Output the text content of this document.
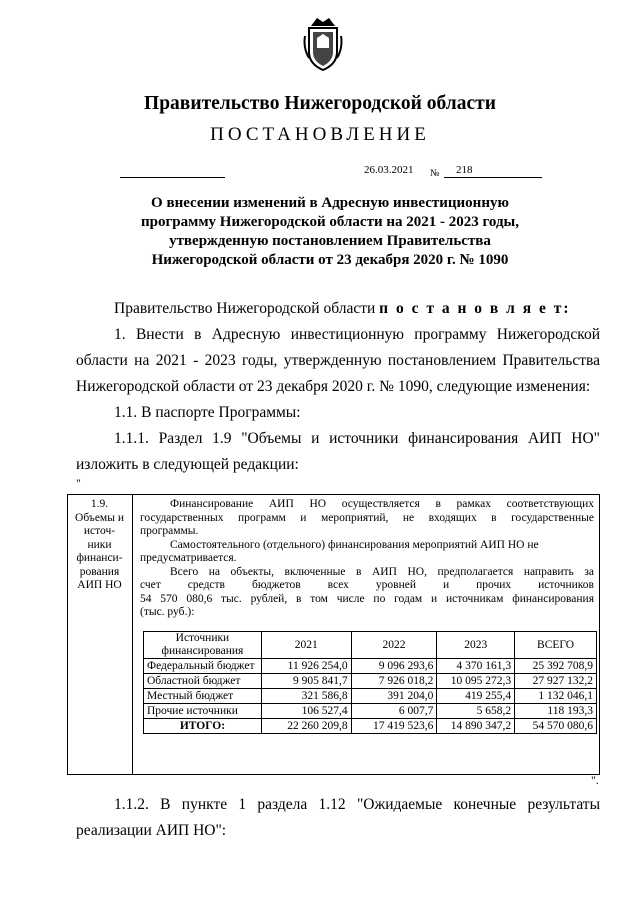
Правительство Нижегородской области
ПОСТАНОВЛЕНИЕ
26.03.2021 №	218
О внесении изменений в Адресную инвестиционную
программу Нижегородской области на 2021 - 2023 годы,
утвержденную постановлением Правительства
Нижегородской области от 23 декабря 2020 г. № 1090
Правительство Нижегородской области п о с т а н о в л я е т:
1. Внести в Адресную инвестиционную программу Нижегородской
области на 2021 - 2023 годы, утвержденную постановлением Правительства
Нижегородской области от 23 декабря 2020 г. № 1090, следующие изменения:
1.1. В паспорте Программы:
1.1.1. Раздел 1.9 "Объемы и источники финансирования АИП НО"
изложить в следующей редакции:
"
1.9.
Объемы и
источ-
ники
финанси-
рования
АИП НО

Финансирование АИП НО осуществляется в рамках соответствующих

государственных программ и мероприятий, не входящих в государственные

программы.

Самостоятельного (отдельного) финансирования мероприятий АИП НО не

предусматривается.

Всего на объекты, включенные в АИП НО, предполагается направить за

счет средств бюджетов всех уровней и прочих источников

54 570 080,6 тыс. рублей, в том числе по годам и источникам финансирования

(тыс. руб.):

Источники финансирования	2021	2022	2023	ВСЕГО
Федеральный бюджет	11 926 254,0	9 096 293,6	4 370 161,3	25 392 708,9
Областной бюджет	9 905 841,7	7 926 018,2	10 095 272,3	27 927 132,2
Местный бюджет	321 586,8	391 204,0	419 255,4	1 132 046,1
Прочие источники	106 527,4	6 007,7	5 658,2	118 193,3
ИТОГО:	22 260 209,8	17 419 523,6	14 890 347,2	54 570 080,6
".
1.1.2. В пункте 1 раздела 1.12 "Ожидаемые конечные результаты
реализации АИП НО":
